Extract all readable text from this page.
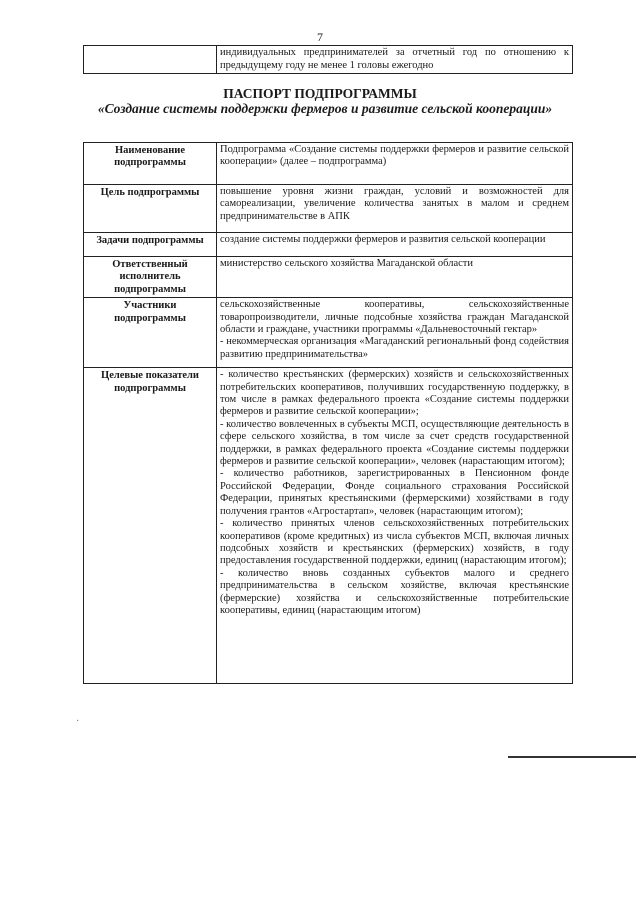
7
	индивидуальных предпринимателей за отчетный год по отношению к предыдущему году не менее 1 головы ежегодно
ПАСПОРТ ПОДПРОГРАММЫ
«Создание системы поддержки фермеров и развитие сельской кооперации»
Наименование подпрограммы	Подпрограмма «Создание системы поддержки фермеров и развитие сельской кооперации» (далее – подпрограмма)
Цель подпрограммы	повышение уровня жизни граждан, условий и возможностей для самореализации, увеличение количества занятых в малом и среднем предпринимательстве в АПК
Задачи подпрограммы	создание системы поддержки фермеров и развития сельской кооперации
Ответственный исполнитель подпрограммы	министерство сельского хозяйства Магаданской области
Участники подпрограммы	сельскохозяйственные кооперативы, сельскохозяйственные товаропроизводители, личные подсобные хозяйства граждан Магаданской области и граждане, участники программы «Дальневосточный гектар»

- некоммерческая организация «Магаданский региональный фонд содействия развитию предпринимательства»

Целевые показатели подпрограммы	- количество крестьянских (фермерских) хозяйств и сельскохозяйственных потребительских кооперативов, получивших государственную поддержку, в том числе в рамках федерального проекта «Создание системы поддержки фермеров и развитие сельской кооперации»;

- количество вовлеченных в субъекты МСП, осуществляющие деятельность в сфере сельского хозяйства, в том числе за счет средств государственной поддержки, в рамках федерального проекта «Создание системы поддержки фермеров и развитие сельской кооперации», человек (нарастающим итогом);

- количество работников, зарегистрированных в Пенсионном фонде Российской Федерации, Фонде социального страхования Российской Федерации, принятых крестьянскими (фермерскими) хозяйствами в году получения грантов «Агростартап», человек (нарастающим итогом);

- количество принятых членов сельскохозяйственных потребительских кооперативов (кроме кредитных) из числа субъектов МСП, включая личных подсобных хозяйств и крестьянских (фермерских) хозяйств, в году предоставления государственной поддержки, единиц (нарастающим итогом);

- количество вновь созданных субъектов малого и среднего предпринимательства в сельском хозяйстве, включая крестьянские (фермерские) хозяйства и сельскохозяйственные потребительские кооперативы, единиц (нарастающим итогом)

·
